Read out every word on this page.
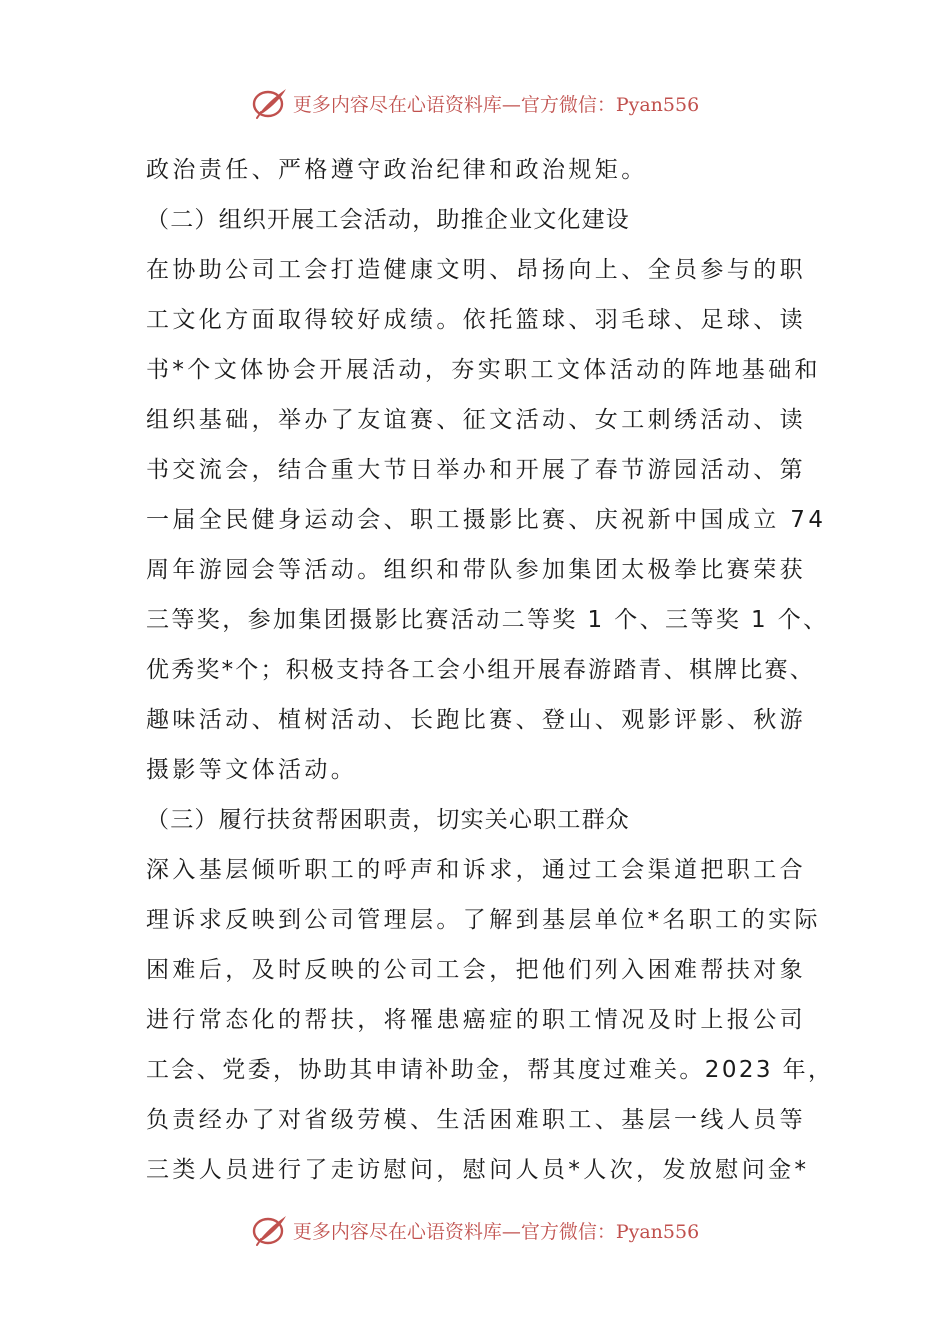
更多内容尽在心语资料库—官方微信：Pyan556
政治责任、严格遵守政治纪律和政治规矩。
（二）组织开展工会活动，助推企业文化建设
在协助公司工会打造健康文明、昂扬向上、全员参与的职
工文化方面取得较好成绩。依托篮球、羽毛球、足球、读
书*个文体协会开展活动，夯实职工文体活动的阵地基础和
组织基础，举办了友谊赛、征文活动、女工刺绣活动、读
书交流会，结合重大节日举办和开展了春节游园活动、第
一届全民健身运动会、职工摄影比赛、庆祝新中国成立 74
周年游园会等活动。组织和带队参加集团太极拳比赛荣获
三等奖，参加集团摄影比赛活动二等奖 1 个、三等奖 1 个、
优秀奖*个；积极支持各工会小组开展春游踏青、棋牌比赛、
趣味活动、植树活动、长跑比赛、登山、观影评影、秋游
摄影等文体活动。
（三）履行扶贫帮困职责，切实关心职工群众
深入基层倾听职工的呼声和诉求，通过工会渠道把职工合
理诉求反映到公司管理层。了解到基层单位*名职工的实际
困难后，及时反映的公司工会，把他们列入困难帮扶对象
进行常态化的帮扶，将罹患癌症的职工情况及时上报公司
工会、党委，协助其申请补助金，帮其度过难关。2023 年，
负责经办了对省级劳模、生活困难职工、基层一线人员等
三类人员进行了走访慰问，慰问人员*人次，发放慰问金*
更多内容尽在心语资料库—官方微信：Pyan556
